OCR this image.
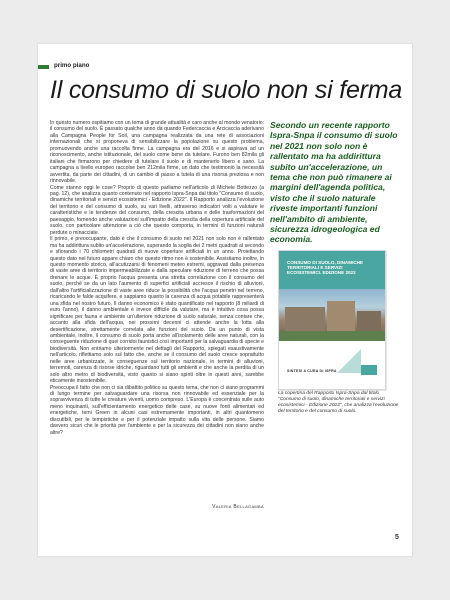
primo piano
Il consumo di suolo non si ferma

In questo numero ospitiamo con un tema di grande attualità e caro anche al mondo venatorio: il consumo del suolo. È passato qualche anno da quando Federcaccia e Arcicaccia aderivano alla Campagna People for Soil, una campagna realizzata da una rete di associazioni internazionali che si proponeva di sensibilizzare la popolazione su questo problema, promuovendo anche una raccolta firme. La campagna era del 2016 e si aspirava ad un riconoscimento, anche istituzionale, del suolo come bene da tutelare. Furono ben 82mila gli italiani che firmarono per chiedere di tutelare il suolo e di mantenerlo libero e sano. La campagna a livello europeo raccolse ben 212mila firme, un dato che testimoniò la necessità avvertita, da parte dei cittadini, di un cambio di passo a tutela di una risorsa preziosa e non rinnovabile.

Come stanno oggi le cose? Proprio di questo parliamo nell'articolo di Michele Bottezzo (a pag. 12), che analizza quanto contenuto nel rapporto Ispra-Snpa dal titolo "Consumo di suolo, dinamiche territoriali e servizi ecosistemici - Edizione 2022". Il Rapporto analizza l'evoluzione del territorio e del consumo di suolo, su vari livelli, attraverso indicatori volti a valutare le caratteristiche e le tendenze del consumo, della crescita urbana e delle trasformazioni del paesaggio, fornendo anche valutazioni sull'impatto della crescita della copertura artificiale del suolo, con particolare attenzione a ciò che questo comporta, in termini di funzioni naturali perdute o minacciate.

Il primo, e preoccupante, dato è che il consumo di suolo nel 2021 non solo non è rallentato ma ha addirittura subito un'accelerazione, superando la soglia dei 2 metri quadrati al secondo e sfiorando i 70 chilometri quadrati di nuove coperture artificiali in un anno. Proiettando questo dato nel futuro appare chiaro che questo ritmo non è sostenibile. Assistiamo inoltre, in questo momento storico, all'acutizzarsi di fenomeni meteo estremi, aggravati dalla presenza di vaste aree di territorio impermeabilizzate e dalla speculare riduzione di terreno che possa drenare le acque. È proprio l'acqua presenta una stretta correlazione con il consumo del suolo, perché se da un lato l'aumento di superfici artificiali accresce il rischio di alluvioni, dall'altro l'artificializzazione di vaste aree riduce la possibilità che l'acqua penetri nel terreno, ricaricando le falde acquifere, e sappiamo quanto la carenza di acqua potabile rappresenterà una sfida nel nostro futuro. Il danno economico è stato quantificato nel rapporto (8 miliardi di euro l'anno), il danno ambientale è invece difficile da valutare, ma è intuitivo cosa possa significare per fauna e ambiente un'ulteriore riduzione di suolo naturale, senza contare che, accanto alla sfida dell'acqua, nei prossimi decenni ci attende anche la lotta alla desertificazione, strettamente correlata alle funzioni del suolo. Da un punto di vista ambientale, inoltre, il consumo di suolo porta anche all'isolamento delle aree naturali, con la conseguente riduzione di quei corridoi faunistici così importanti per la salvaguardia di specie e biodiversità. Non entriamo ulteriormente nel dettagli del Rapporto, spiegati esaustivamente nell'articolo, riflettiamo solo sul fatto che, anche se il consumo del suolo cresce soprattutto nelle aree urbanizzate, le conseguenze sul territorio nazionale, in termini di alluvioni, terremoti, carenza di risorse idriche, riguardano tutti gli ambienti e che anche la perdita di un solo altro metro di biodiversità, visto quanto si siano spinti oltre in questi anni, sarebbe eticamente insostenibile.

Preoccupa il fatto che non ci sia dibattito politico su questo tema, che non ci siano programmi di lungo termine per salvaguardare una risorsa non rinnovabile ed essenziale per la sopravvivenza di tutte le creature viventi, uomo compreso. L'Europa è concentrata sulle auto meno inquinanti, sull'efficientamento energetico delle case, su nuove fonti alimentari ed energetiche, temi Green in alcuni casi estremamente importanti, in altri quantomeno discutibili, per le tempistiche e per il potenziale impatto sulla vita delle persone. Siamo davvero sicuri che le priorità per l'ambiente e per la sicurezza dei cittadini non siano anche altre?

Valeria Bellagamba
Secondo un recente rapporto Ispra-Snpa il consumo di suolo nel 2021 non solo non è rallentato ma ha addirittura subito un'accelerazione, un tema che non può rimanere ai margini dell'agenda politica, visto che il suolo naturale riveste importanti funzioni nell'ambito di ambiente, sicurezza idrogeologica ed economia.
CONSUMO DI SUOLO, DINAMICHE TERRITORIALI E SERVIZI ECOSISTEMICI. EDIZIONE 2022
SINTESI A CURA DI ISPRA
La copertina del Rapporto Ispra-Snpa dal titolo "Consumo di suolo, dinamiche territoriali e servizi ecosistemici - Edizione 2022", che analizza l'evoluzione del territorio e del consumo di suolo.
5
